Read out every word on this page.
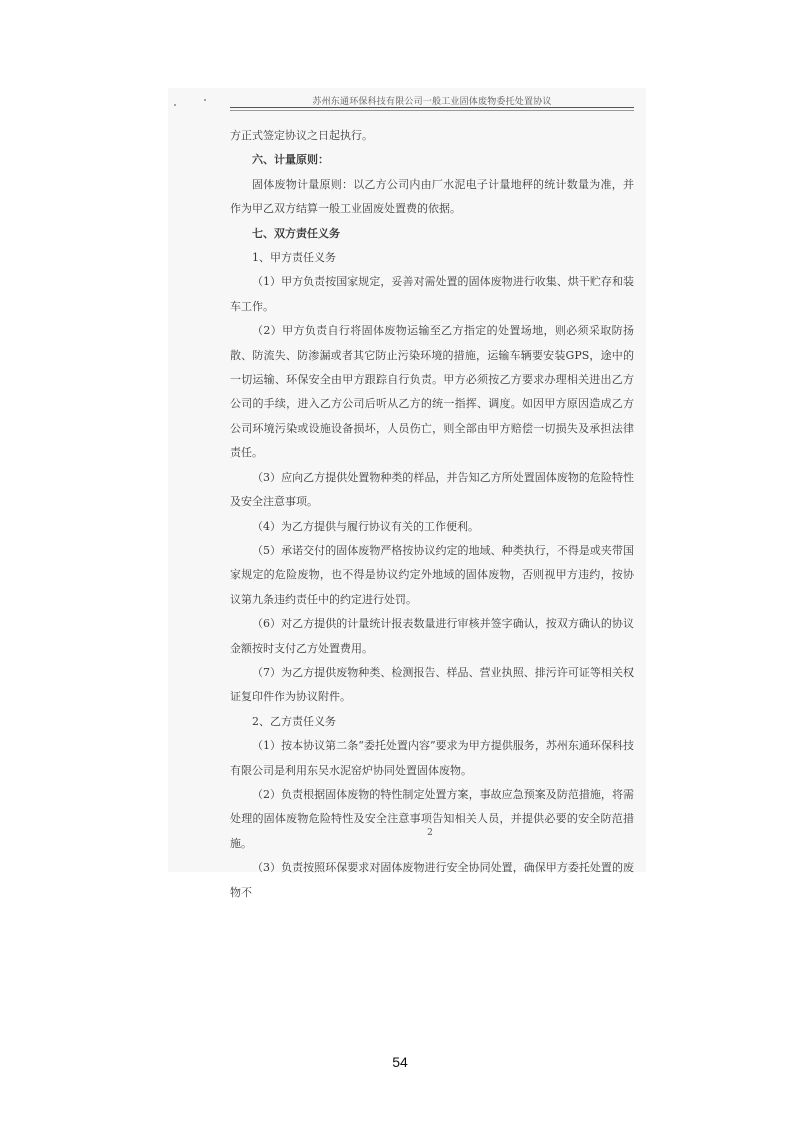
苏州东通环保科技有限公司一般工业固体废物委托处置协议

方正式签定协议之日起执行。

六、计量原则：

固体废物计量原则：以乙方公司内由厂水泥电子计量地秤的统计数量为准，并作为甲乙双方结算一般工业固废处置费的依据。

七、双方责任义务

1、甲方责任义务

（1）甲方负责按国家规定，妥善对需处置的固体废物进行收集、烘干贮存和装车工作。

（2）甲方负责自行将固体废物运输至乙方指定的处置场地，则必须采取防扬散、防流失、防渗漏或者其它防止污染环境的措施，运输车辆要安装GPS，途中的一切运输、环保安全由甲方跟踪自行负责。甲方必须按乙方要求办理相关进出乙方公司的手续，进入乙方公司后听从乙方的统一指挥、调度。如因甲方原因造成乙方公司环境污染或设施设备损坏，人员伤亡，则全部由甲方赔偿一切损失及承担法律责任。

（3）应向乙方提供处置物种类的样品，并告知乙方所处置固体废物的危险特性及安全注意事项。

（4）为乙方提供与履行协议有关的工作便利。

（5）承诺交付的固体废物严格按协议约定的地域、种类执行，不得是或夹带国家规定的危险废物，也不得是协议约定外地域的固体废物，否则视甲方违约，按协议第九条违约责任中的约定进行处罚。

（6）对乙方提供的计量统计报表数量进行审核并签字确认，按双方确认的协议金额按时支付乙方处置费用。

（7）为乙方提供废物种类、检测报告、样品、营业执照、排污许可证等相关权证复印件作为协议附件。

2、乙方责任义务

（1）按本协议第二条“委托处置内容”要求为甲方提供服务，苏州东通环保科技有限公司是利用东吴水泥窑炉协同处置固体废物。

（2）负责根据固体废物的特性制定处置方案，事故应急预案及防范措施，将需处理的固体废物危险特性及安全注意事项告知相关人员，并提供必要的安全防范措施。

（3）负责按照环保要求对固体废物进行安全协同处置，确保甲方委托处置的废物不

2
54
